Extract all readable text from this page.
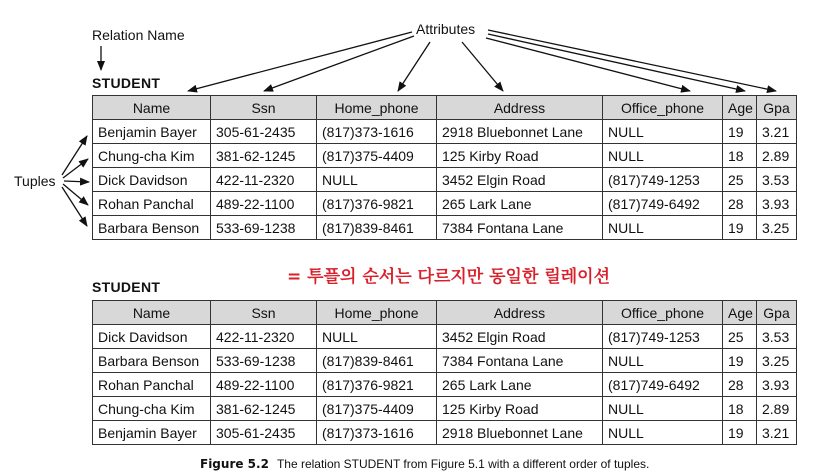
Relation Name	Attributes
Tuples
STUDENT
Name	Ssn	Home_phone	Address	Office_phone	Age	Gpa
Benjamin Bayer	305-61-2435	(817)373-1616	2918 Bluebonnet Lane	NULL	19	3.21
Chung-cha Kim	381-62-1245	(817)375-4409	125 Kirby Road	NULL	18	2.89
Dick Davidson	422-11-2320	NULL	3452 Elgin Road	(817)749-1253	25	3.53
Rohan Panchal	489-22-1100	(817)376-9821	265 Lark Lane	(817)749-6492	28	3.93
Barbara Benson	533-69-1238	(817)839-8461	7384 Fontana Lane	NULL	19	3.25
= 투플의 순서는 다르지만 동일한 릴레이션
STUDENT
Name	Ssn	Home_phone	Address	Office_phone	Age	Gpa
Dick Davidson	422-11-2320	NULL	3452 Elgin Road	(817)749-1253	25	3.53
Barbara Benson	533-69-1238	(817)839-8461	7384 Fontana Lane	NULL	19	3.25
Rohan Panchal	489-22-1100	(817)376-9821	265 Lark Lane	(817)749-6492	28	3.93
Chung-cha Kim	381-62-1245	(817)375-4409	125 Kirby Road	NULL	18	2.89
Benjamin Bayer	305-61-2435	(817)373-1616	2918 Bluebonnet Lane	NULL	19	3.21
Figure 5.2 The relation STUDENT from Figure 5.1 with a different order of tuples.
